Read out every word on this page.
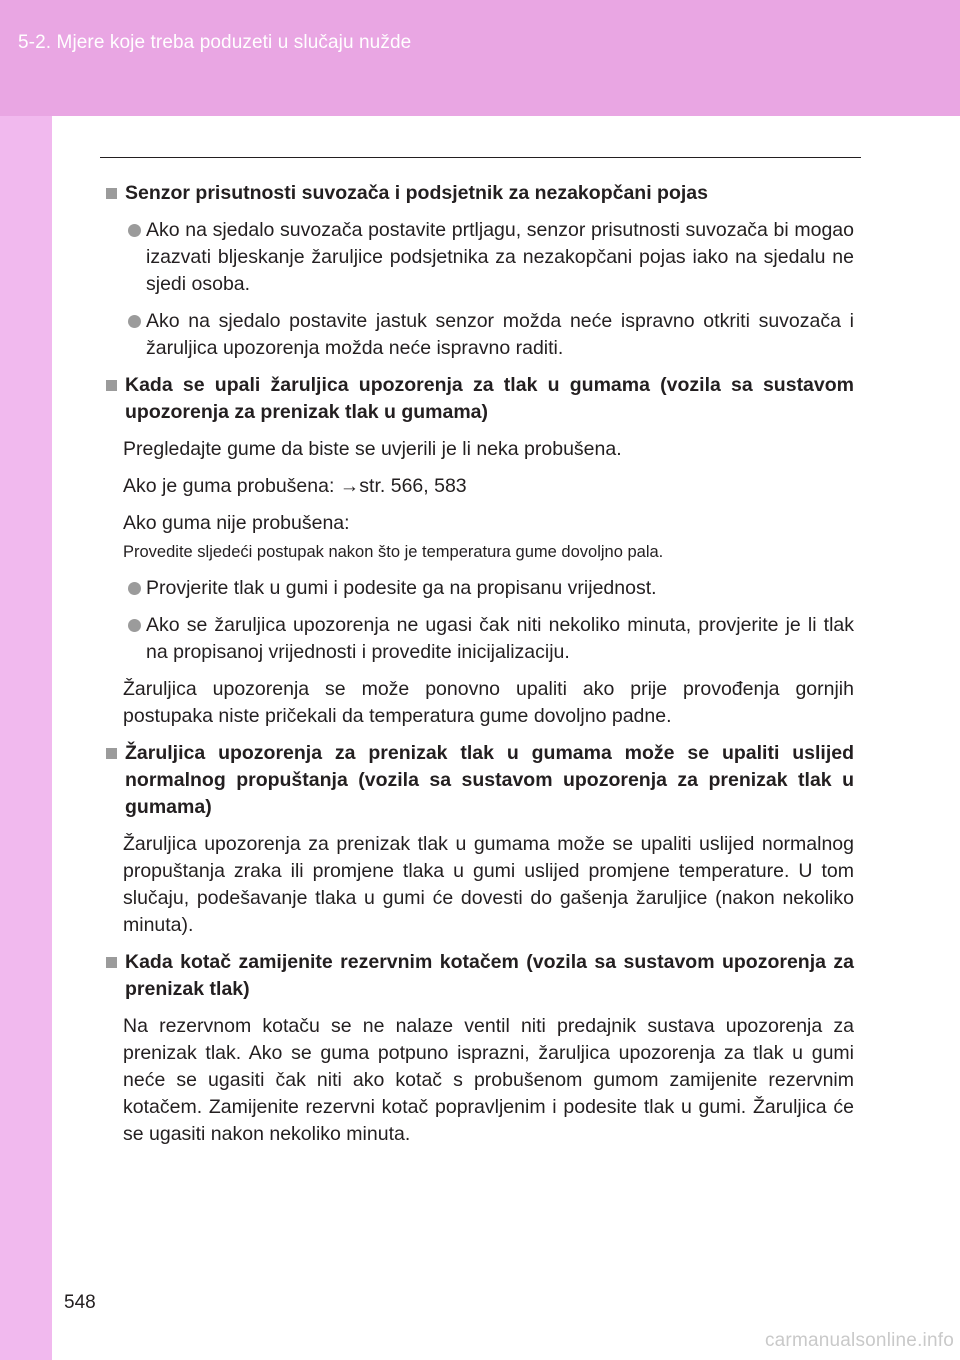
5-2. Mjere koje treba poduzeti u slučaju nužde
Senzor prisutnosti suvozača i podsjetnik za nezakopčani pojas
Ako na sjedalo suvozača postavite prtljagu, senzor prisutnosti suvozača bi mogao izazvati bljeskanje žaruljice podsjetnika za nezakopčani pojas iako na sjedalu ne sjedi osoba.
Ako na sjedalo postavite jastuk senzor možda neće ispravno otkriti suvozača i žaruljica upozorenja možda neće ispravno raditi.
Kada se upali žaruljica upozorenja za tlak u gumama (vozila sa sustavom upozorenja za prenizak tlak u gumama)
Pregledajte gume da biste se uvjerili je li neka probušena.
Ako je guma probušena: →str. 566, 583
Ako guma nije probušena:
Provedite sljedeći postupak nakon što je temperatura gume dovoljno pala.
Provjerite tlak u gumi i podesite ga na propisanu vrijednost.
Ako se žaruljica upozorenja ne ugasi čak niti nekoliko minuta, provjerite je li tlak na propisanoj vrijednosti i provedite inicijalizaciju.
Žaruljica upozorenja se može ponovno upaliti ako prije provođenja gornjih postupaka niste pričekali da temperatura gume dovoljno padne.
Žaruljica upozorenja za prenizak tlak u gumama može se upaliti uslijed normalnog propuštanja (vozila sa sustavom upozorenja za prenizak tlak u gumama)
Žaruljica upozorenja za prenizak tlak u gumama može se upaliti uslijed normalnog propuštanja zraka ili promjene tlaka u gumi uslijed promjene temperature. U tom slučaju, podešavanje tlaka u gumi će dovesti do gašenja žaruljice (nakon nekoliko minuta).
Kada kotač zamijenite rezervnim kotačem (vozila sa sustavom upozorenja za prenizak tlak)
Na rezervnom kotaču se ne nalaze ventil niti predajnik sustava upozorenja za prenizak tlak. Ako se guma potpuno isprazni, žaruljica upozorenja za tlak u gumi neće se ugasiti čak niti ako kotač s probušenom gumom zamijenite rezervnim kotačem. Zamijenite rezervni kotač popravljenim i podesite tlak u gumi. Žaruljica će se ugasiti nakon nekoliko minuta.
548
carmanualsonline.info
